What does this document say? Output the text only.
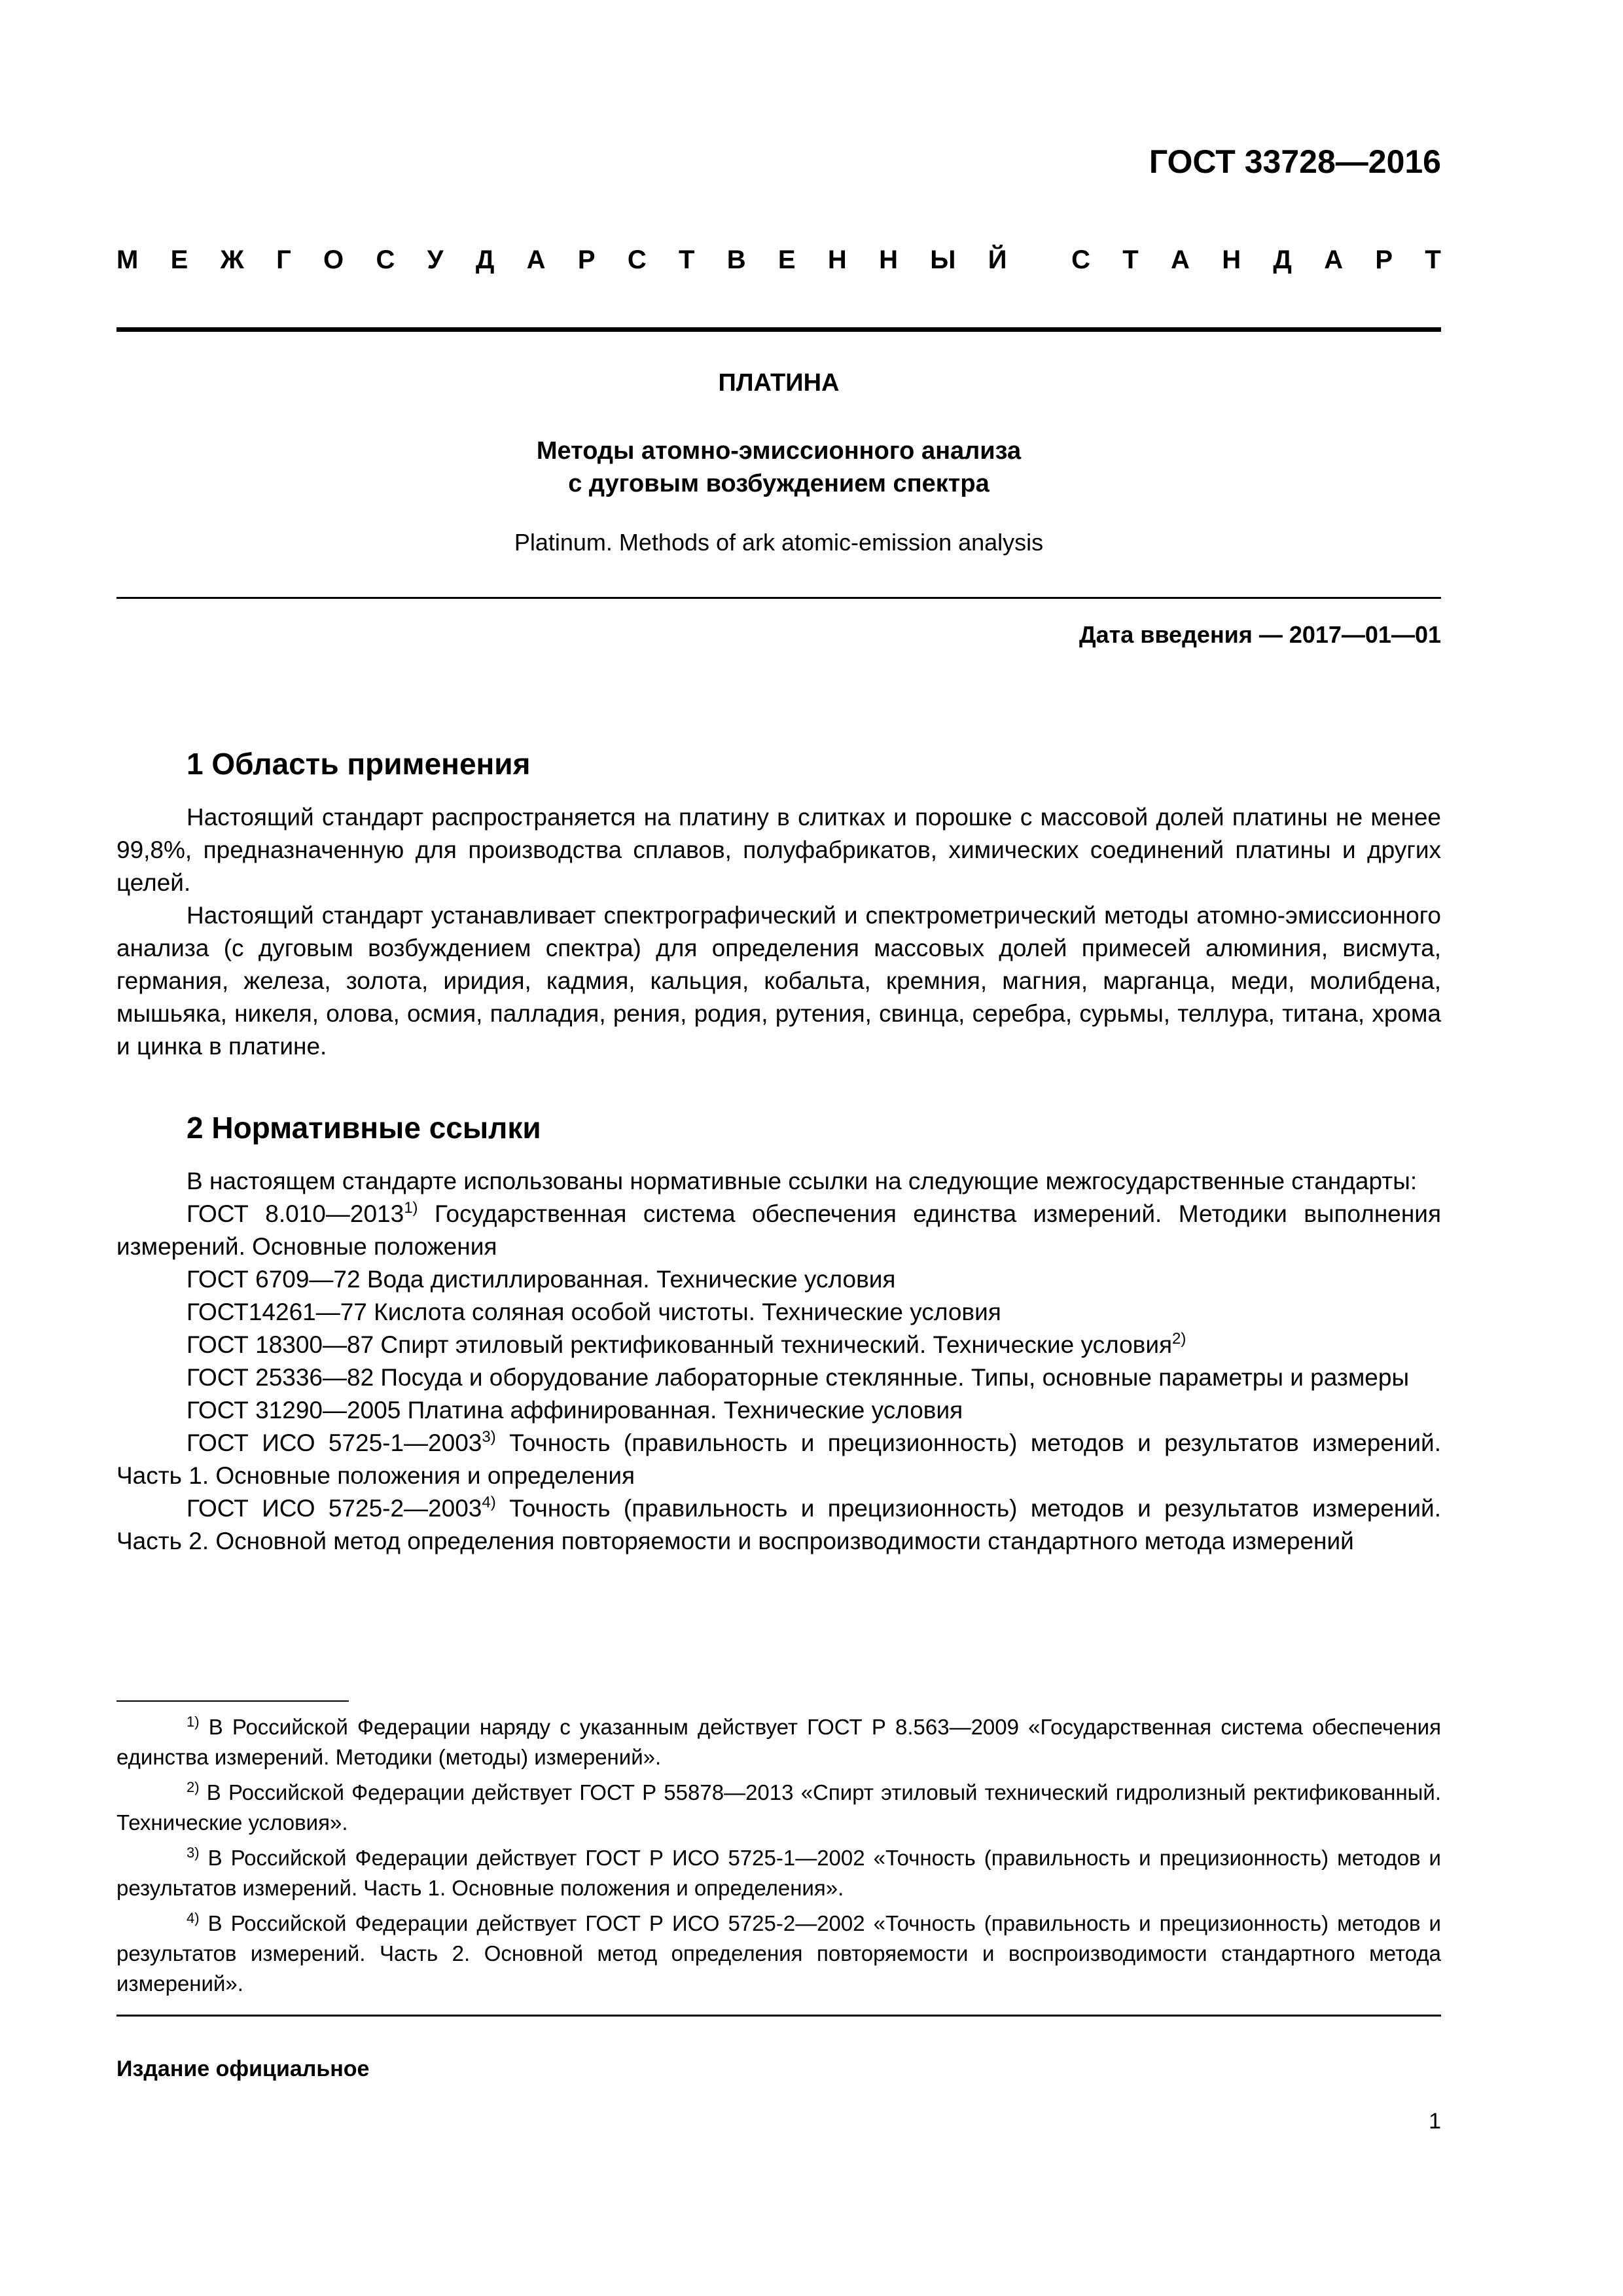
ГОСТ 33728—2016
М Е Ж Г О С У Д А Р С Т В Е Н Н Ы Й С Т А Н Д А Р Т
ПЛАТИНА
Методы атомно-эмиссионного анализа
с дуговым возбуждением спектра
Platinum. Methods of ark atomic-emission analysis
Дата введения — 2017—01—01
1 Область применения

Настоящий стандарт распространяется на платину в слитках и порошке с массовой долей платины не менее 99,8%, предназначенную для производства сплавов, полуфабрикатов, химических соединений платины и других целей.

Настоящий стандарт устанавливает спектрографический и спектрометрический методы атомно-эмиссионного анализа (с дуговым возбуждением спектра) для определения массовых долей примесей алюминия, висмута, германия, железа, золота, иридия, кадмия, кальция, кобальта, кремния, магния, марганца, меди, молибдена, мышьяка, никеля, олова, осмия, палладия, рения, родия, рутения, свинца, серебра, сурьмы, теллура, титана, хрома и цинка в платине.

2 Нормативные ссылки

В настоящем стандарте использованы нормативные ссылки на следующие межгосударственные стандарты:

ГОСТ 8.010—2013$^{1)}$ Государственная система обеспечения единства измерений. Методики выполнения измерений. Основные положения

ГОСТ 6709—72 Вода дистиллированная. Технические условия

ГОСТ14261—77 Кислота соляная особой чистоты. Технические условия

ГОСТ 18300—87 Спирт этиловый ректификованный технический. Технические условия$^{2)}$

ГОСТ 25336—82 Посуда и оборудование лабораторные стеклянные. Типы, основные параметры и размеры

ГОСТ 31290—2005 Платина аффинированная. Технические условия

ГОСТ ИСО 5725-1—2003$^{3)}$ Точность (правильность и прецизионность) методов и результатов измерений. Часть 1. Основные положения и определения

ГОСТ ИСО 5725-2—2003$^{4)}$ Точность (правильность и прецизионность) методов и результатов измерений. Часть 2. Основной метод определения повторяемости и воспроизводимости стандартного метода измерений

$^{1)}$ В Российской Федерации наряду с указанным действует ГОСТ Р 8.563—2009 «Государственная система обеспечения единства измерений. Методики (методы) измерений».

$^{2)}$ В Российской Федерации действует ГОСТ Р 55878—2013 «Спирт этиловый технический гидролизный ректификованный. Технические условия».

$^{3)}$ В Российской Федерации действует ГОСТ Р ИСО 5725-1—2002 «Точность (правильность и прецизионность) методов и результатов измерений. Часть 1. Основные положения и определения».

$^{4)}$ В Российской Федерации действует ГОСТ Р ИСО 5725-2—2002 «Точность (правильность и прецизионность) методов и результатов измерений. Часть 2. Основной метод определения повторяемости и воспроизводимости стандартного метода измерений».

Издание официальное
1
